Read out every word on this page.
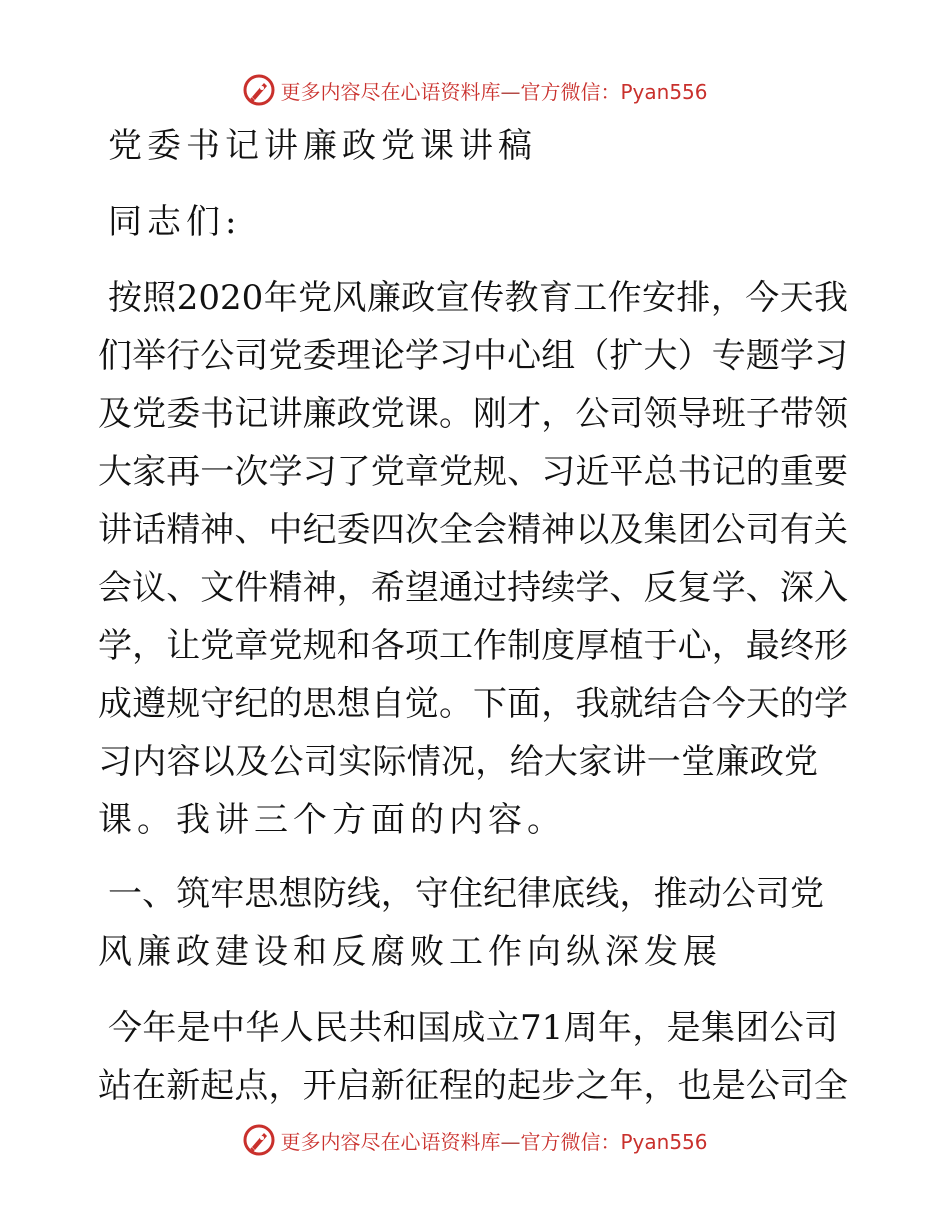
更多内容尽在心语资料库—官方微信：Pyan556
党委书记讲廉政党课讲稿
同志们:
按照2020年党风廉政宣传教育工作安排，今天我
们举行公司党委理论学习中心组（扩大）专题学习
及党委书记讲廉政党课。刚才，公司领导班子带领
大家再一次学习了党章党规、习近平总书记的重要
讲话精神、中纪委四次全会精神以及集团公司有关
会议、文件精神，希望通过持续学、反复学、深入
学，让党章党规和各项工作制度厚植于心，最终形
成遵规守纪的思想自觉。下面，我就结合今天的学
习内容以及公司实际情况，给大家讲一堂廉政党
课。我讲三个方面的内容。
一、筑牢思想防线，守住纪律底线，推动公司党
风廉政建设和反腐败工作向纵深发展
今年是中华人民共和国成立71周年，是集团公司
站在新起点，开启新征程的起步之年，也是公司全
更多内容尽在心语资料库—官方微信：Pyan556
